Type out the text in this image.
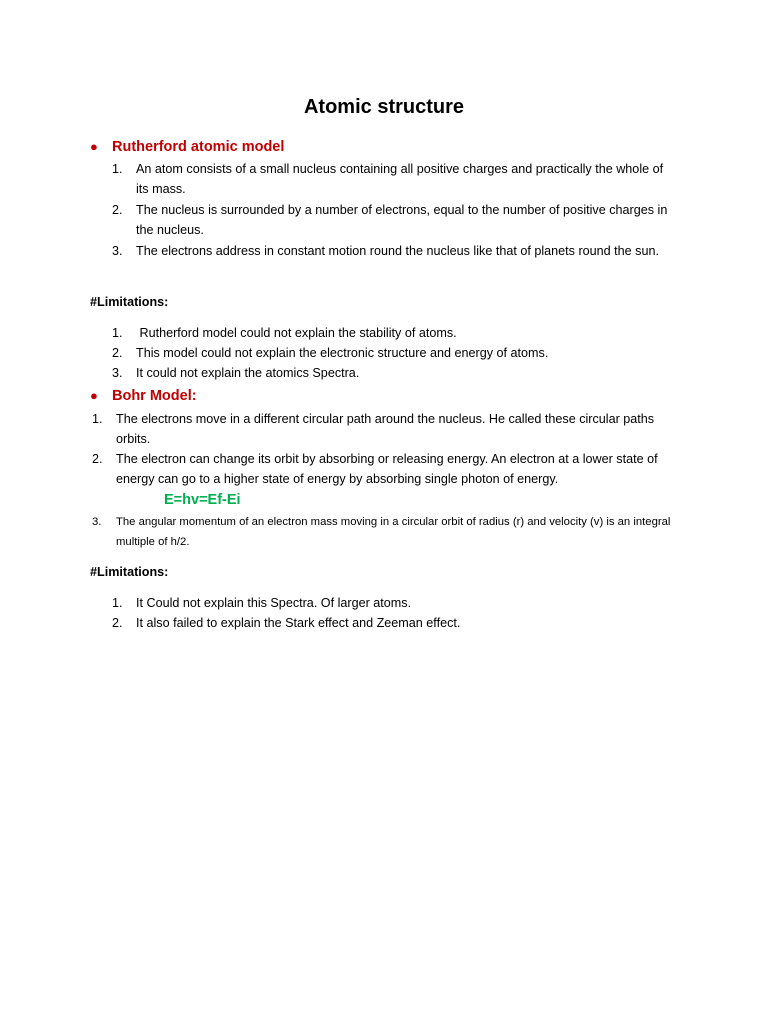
Atomic structure
● Rutherford atomic model
1.	An atom consists of a small nucleus containing all positive charges and practically the whole of its mass.
2.	The nucleus is surrounded by a number of electrons, equal to the number of positive charges in the nucleus.
3.	The electrons address in constant motion round the nucleus like that of planets round the sun.
#Limitations:
1.	Rutherford model could not explain the stability of atoms.
2.	This model could not explain the electronic structure and energy of atoms.
3.	It could not explain the atomics Spectra.
● Bohr Model:
1.	The electrons move in a different circular path around the nucleus. He called these circular paths orbits.
2.	The electron can change its orbit by absorbing or releasing energy. An electron at a lower state of energy can go to a higher state of energy by absorbing single photon of energy.
E=hv=Ef-Ei
3.	The angular momentum of an electron mass moving in a circular orbit of radius (r) and velocity (v) is an integral multiple of h/2.
#Limitations:
1.	It Could not explain this Spectra. Of larger atoms.
2.	It also failed to explain the Stark effect and Zeeman effect.
